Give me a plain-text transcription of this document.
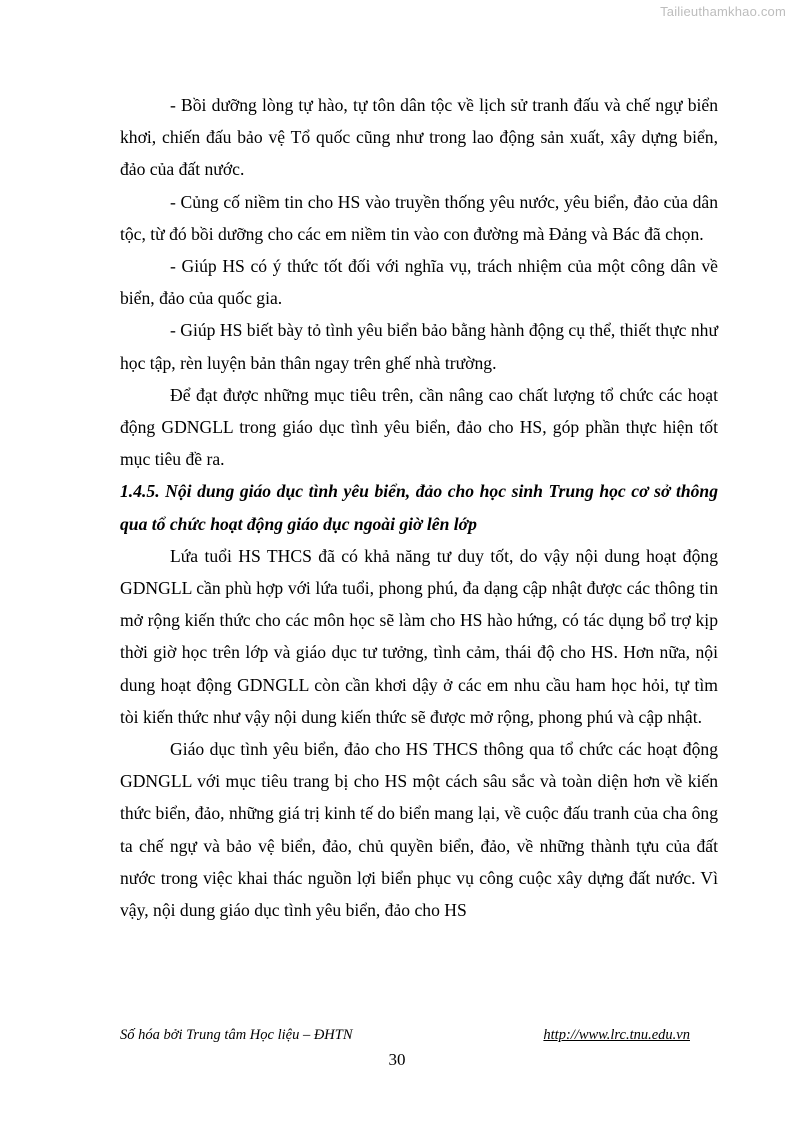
Tailieuthamkhao.com

- Bồi dưỡng lòng tự hào, tự tôn dân tộc về lịch sử tranh đấu và chế ngự biển khơi, chiến đấu bảo vệ Tổ quốc cũng như trong lao động sản xuất, xây dựng biển, đảo của đất nước.

- Củng cố niềm tin cho HS vào truyền thống yêu nước, yêu biển, đảo của dân tộc, từ đó bồi dưỡng cho các em niềm tin vào con đường mà Đảng và Bác đã chọn.

- Giúp HS có ý thức tốt đối với nghĩa vụ, trách nhiệm của một công dân về biển, đảo của quốc gia.

- Giúp HS biết bày tỏ tình yêu biển bảo bằng hành động cụ thể, thiết thực như học tập, rèn luyện bản thân ngay trên ghế nhà trường.

Để đạt được những mục tiêu trên, cần nâng cao chất lượng tổ chức các hoạt động GDNGLL trong giáo dục tình yêu biển, đảo cho HS, góp phần thực hiện tốt mục tiêu đề ra.

1.4.5. Nội dung giáo dục tình yêu biển, đảo cho học sinh Trung học cơ sở thông qua tổ chức hoạt động giáo dục ngoài giờ lên lớp

Lứa tuổi HS THCS đã có khả năng tư duy tốt, do vậy nội dung hoạt động GDNGLL cần phù hợp với lứa tuổi, phong phú, đa dạng cập nhật được các thông tin mở rộng kiến thức cho các môn học sẽ làm cho HS hào hứng, có tác dụng bổ trợ kịp thời giờ học trên lớp và giáo dục tư tưởng, tình cảm, thái độ cho HS. Hơn nữa, nội dung hoạt động GDNGLL còn cần khơi dậy ở các em nhu cầu ham học hỏi, tự tìm tòi kiến thức như vậy nội dung kiến thức sẽ được mở rộng, phong phú và cập nhật.

Giáo dục tình yêu biển, đảo cho HS THCS thông qua tổ chức các hoạt động GDNGLL với mục tiêu trang bị cho HS một cách sâu sắc và toàn diện hơn về kiến thức biển, đảo, những giá trị kinh tế do biển mang lại, về cuộc đấu tranh của cha ông ta chế ngự và bảo vệ biển, đảo, chủ quyền biển, đảo, về những thành tựu của đất nước trong việc khai thác nguồn lợi biển phục vụ công cuộc xây dựng đất nước. Vì vậy, nội dung giáo dục tình yêu biển, đảo cho HS

Số hóa bởi Trung tâm Học liệu – ĐHTN	http://www.lrc.tnu.edu.vn
30
